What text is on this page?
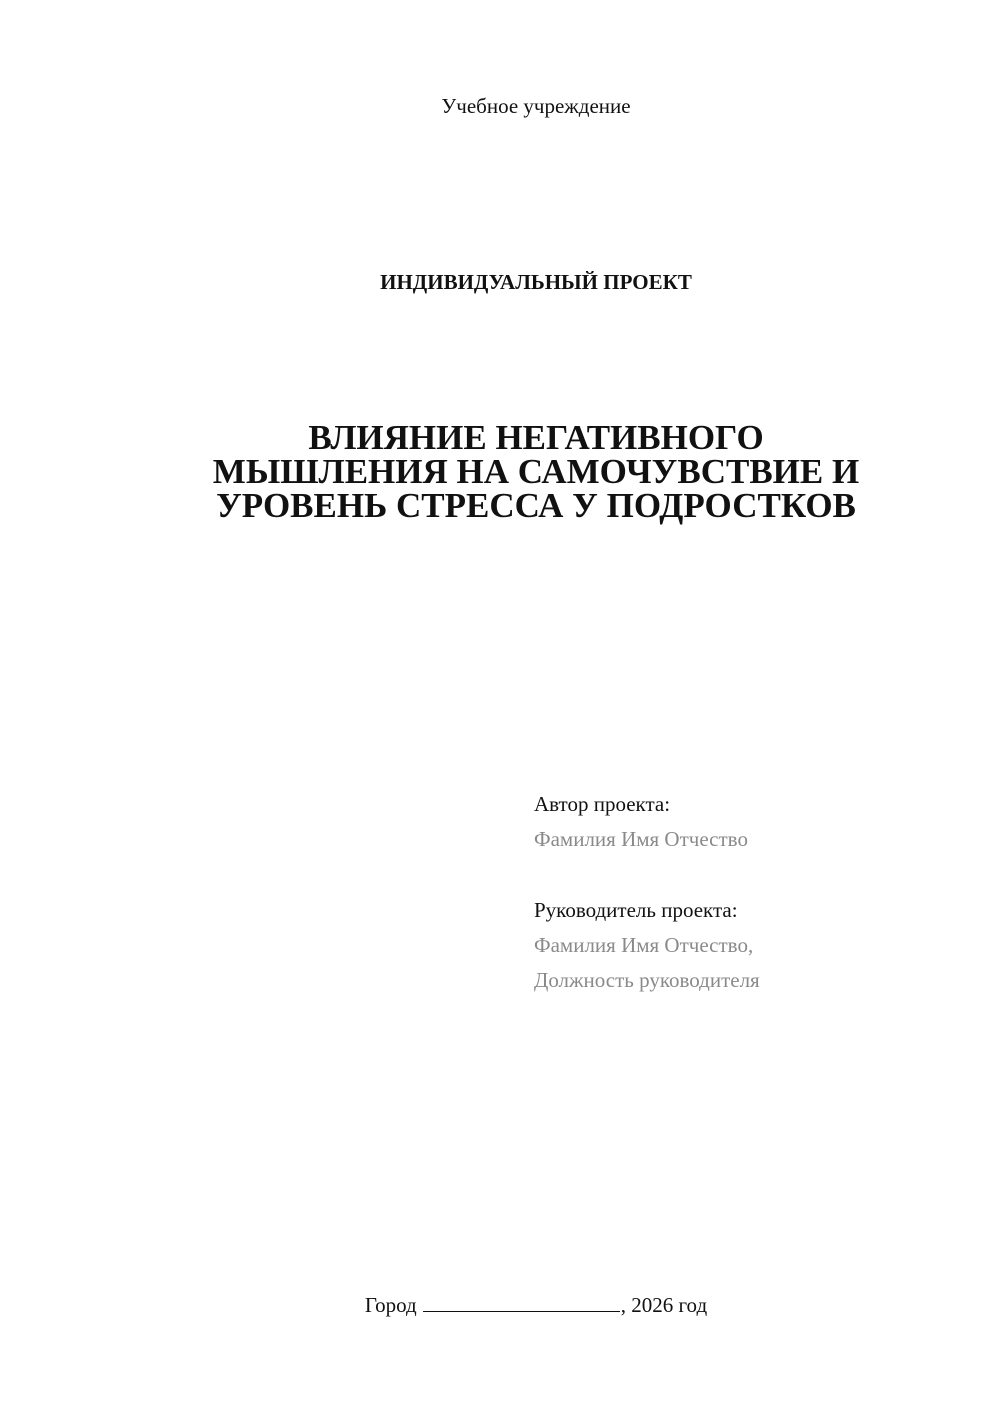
Учебное учреждение
ИНДИВИДУАЛЬНЫЙ ПРОЕКТ
ВЛИЯНИЕ НЕГАТИВНОГО
МЫШЛЕНИЯ НА САМОЧУВСТВИЕ И
УРОВЕНЬ СТРЕССА У ПОДРОСТКОВ
Автор проекта:
Фамилия Имя Отчество
Руководитель проекта:
Фамилия Имя Отчество,
Должность руководителя
Город	, 2026 год
